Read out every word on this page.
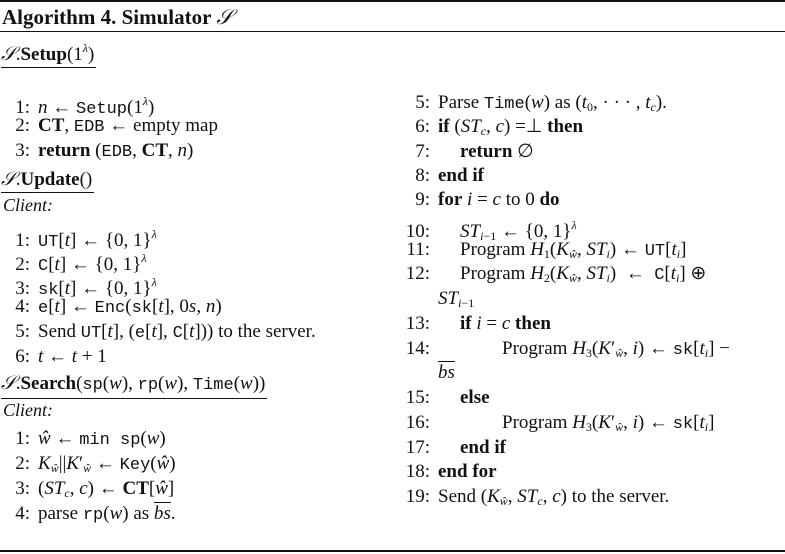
Algorithm 4. Simulator 𝒮
$𝒮.Setup(1^\lambda)$
1: n ← $Setup(1^\lambda)$
2: CT, EDB ← empty map
3: return (EDB, CT, n)
𝒮.Update()
Client:
1: UT[t] ← {0, 1}$^\lambda$
2: C[t] ← {0, 1}$^\lambda$
3: sk[t] ← {0, 1}$^\lambda$
4: e[t] ← Enc(sk[t], 0s, n)
5: Send UT[t], (e[t], C[t])) to the server.
6: t ← t + 1
𝒮.Search(sp(w), rp(w), Time(w))
Client:
1: ŵ ← min sp(w)
2: $K_ŵ||K'_ŵ$ ← Key(ŵ)
3: ($ST_c$, c) ← CT[ŵ]
4: parse rp(w) as $\overline{bs}$.
5: Parse Time(w) as ($t_0$, · · · , $t_c$).
6: if ($ST_c$, c) =⊥ then
7: return ∅
8: end if
9: for i = c to 0 do
10: $ST_{i-1}$ ← {0, 1}$^\lambda$
11: Program $H_1(K_ŵ$, $ST_i$) ← $UT[t_i]$
12: Program $H_2(K_ŵ$, $ST_i$)  ←  $C[t_i]$ ⊕
$ST_{i-1}$
13: if i = c then
14:	Program $H_3(K'_ŵ$, i) ← $sk[t_i]$ −
$\overline{bs}$
15: else
16:	Program $H_3(K'_ŵ$, i) ← $sk[t_i]$
17: end if
18: end for
19: Send ($K_ŵ$, $ST_c$, c) to the server.
